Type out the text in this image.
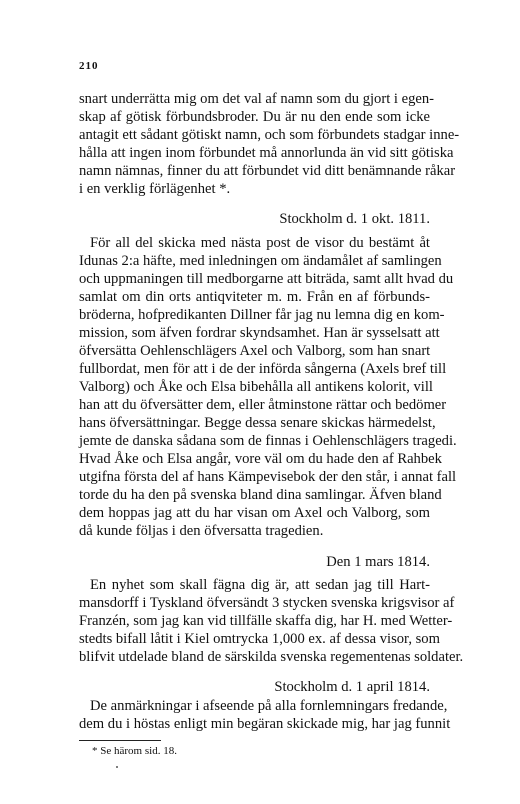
210
snart underrätta mig om det val af namn som du gjort i egen-
skap af götisk förbundsbroder. Du är nu den ende som icke
antagit ett sådant götiskt namn, och som förbundets stadgar inne-
hålla att ingen inom förbundet må annorlunda än vid sitt götiska
namn nämnas, finner du att förbundet vid ditt benämnande råkar
i en verklig förlägenhet *.
Stockholm d. 1 okt. 1811.
För all del skicka med nästa post de visor du bestämt åt
Idunas 2:a häfte, med inledningen om ändamålet af samlingen
och uppmaningen till medborgarne att biträda, samt allt hvad du
samlat om din orts antiqviteter m. m. Från en af förbunds-
bröderna, hofpredikanten Dillner får jag nu lemna dig en kom-
mission, som äfven fordrar skyndsamhet. Han är sysselsatt att
öfversätta Oehlenschlägers Axel och Valborg, som han snart
fullbordat, men för att i de der införda sångerna (Axels bref till
Valborg) och Åke och Elsa bibehålla all antikens kolorit, vill
han att du öfversätter dem, eller åtminstone rättar och bedömer
hans öfversättningar. Begge dessa senare skickas härmedelst,
jemte de danska sådana som de finnas i Oehlenschlägers tragedi.
Hvad Åke och Elsa angår, vore väl om du hade den af Rahbek
utgifna första del af hans Kämpevisebok der den står, i annat fall
torde du ha den på svenska bland dina samlingar. Äfven bland
dem hoppas jag att du har visan om Axel och Valborg, som
då kunde följas i den öfversatta tragedien.
Den 1 mars 1814.
En nyhet som skall fägna dig är, att sedan jag till Hart-
mansdorff i Tyskland öfversändt 3 stycken svenska krigsvisor af
Franzén, som jag kan vid tillfälle skaffa dig, har H. med Wetter-
stedts bifall låtit i Kiel omtrycka 1,000 ex. af dessa visor, som
blifvit utdelade bland de särskilda svenska regementenas soldater.
Stockholm d. 1 april 1814.
De anmärkningar i afseende på alla fornlemningars fredande,
dem du i höstas enligt min begäran skickade mig, har jag funnit
* Se härom sid. 18.
